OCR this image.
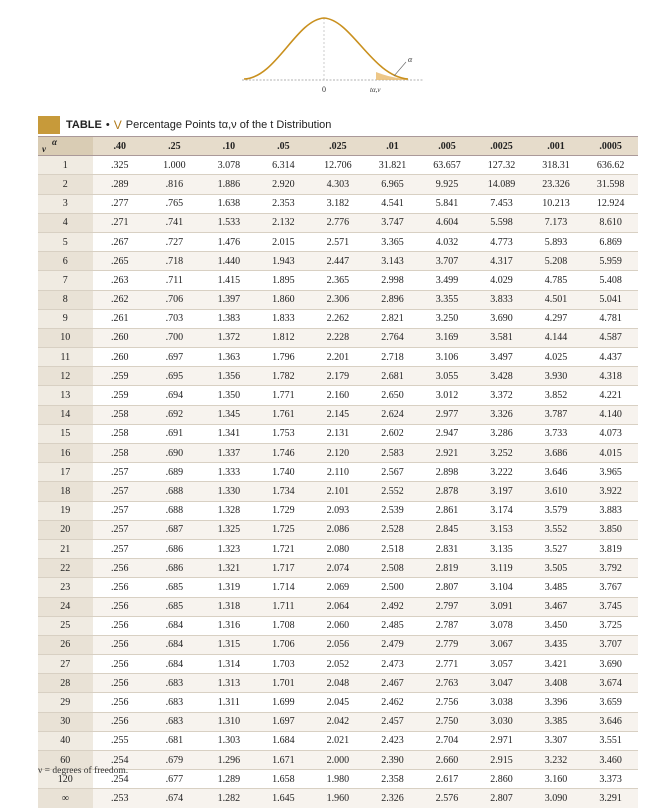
α
0	tα,ν
TABLE • V Percentage Points tα,ν of the t Distribution
α
ν	.40	.25	.10	.05	.025	.01	.005	.0025	.001	.0005
1	.325	1.000	3.078	6.314	12.706	31.821	63.657	127.32	318.31	636.62
2	.289	.816	1.886	2.920	4.303	6.965	9.925	14.089	23.326	31.598
3	.277	.765	1.638	2.353	3.182	4.541	5.841	7.453	10.213	12.924
4	.271	.741	1.533	2.132	2.776	3.747	4.604	5.598	7.173	8.610
5	.267	.727	1.476	2.015	2.571	3.365	4.032	4.773	5.893	6.869
6	.265	.718	1.440	1.943	2.447	3.143	3.707	4.317	5.208	5.959
7	.263	.711	1.415	1.895	2.365	2.998	3.499	4.029	4.785	5.408
8	.262	.706	1.397	1.860	2.306	2.896	3.355	3.833	4.501	5.041
9	.261	.703	1.383	1.833	2.262	2.821	3.250	3.690	4.297	4.781
10	.260	.700	1.372	1.812	2.228	2.764	3.169	3.581	4.144	4.587
11	.260	.697	1.363	1.796	2.201	2.718	3.106	3.497	4.025	4.437
12	.259	.695	1.356	1.782	2.179	2.681	3.055	3.428	3.930	4.318
13	.259	.694	1.350	1.771	2.160	2.650	3.012	3.372	3.852	4.221
14	.258	.692	1.345	1.761	2.145	2.624	2.977	3.326	3.787	4.140
15	.258	.691	1.341	1.753	2.131	2.602	2.947	3.286	3.733	4.073
16	.258	.690	1.337	1.746	2.120	2.583	2.921	3.252	3.686	4.015
17	.257	.689	1.333	1.740	2.110	2.567	2.898	3.222	3.646	3.965
18	.257	.688	1.330	1.734	2.101	2.552	2.878	3.197	3.610	3.922
19	.257	.688	1.328	1.729	2.093	2.539	2.861	3.174	3.579	3.883
20	.257	.687	1.325	1.725	2.086	2.528	2.845	3.153	3.552	3.850
21	.257	.686	1.323	1.721	2.080	2.518	2.831	3.135	3.527	3.819
22	.256	.686	1.321	1.717	2.074	2.508	2.819	3.119	3.505	3.792
23	.256	.685	1.319	1.714	2.069	2.500	2.807	3.104	3.485	3.767
24	.256	.685	1.318	1.711	2.064	2.492	2.797	3.091	3.467	3.745
25	.256	.684	1.316	1.708	2.060	2.485	2.787	3.078	3.450	3.725
26	.256	.684	1.315	1.706	2.056	2.479	2.779	3.067	3.435	3.707
27	.256	.684	1.314	1.703	2.052	2.473	2.771	3.057	3.421	3.690
28	.256	.683	1.313	1.701	2.048	2.467	2.763	3.047	3.408	3.674
29	.256	.683	1.311	1.699	2.045	2.462	2.756	3.038	3.396	3.659
30	.256	.683	1.310	1.697	2.042	2.457	2.750	3.030	3.385	3.646
40	.255	.681	1.303	1.684	2.021	2.423	2.704	2.971	3.307	3.551
60	.254	.679	1.296	1.671	2.000	2.390	2.660	2.915	3.232	3.460
120	.254	.677	1.289	1.658	1.980	2.358	2.617	2.860	3.160	3.373
∞	.253	.674	1.282	1.645	1.960	2.326	2.576	2.807	3.090	3.291
ν = degrees of freedom.
